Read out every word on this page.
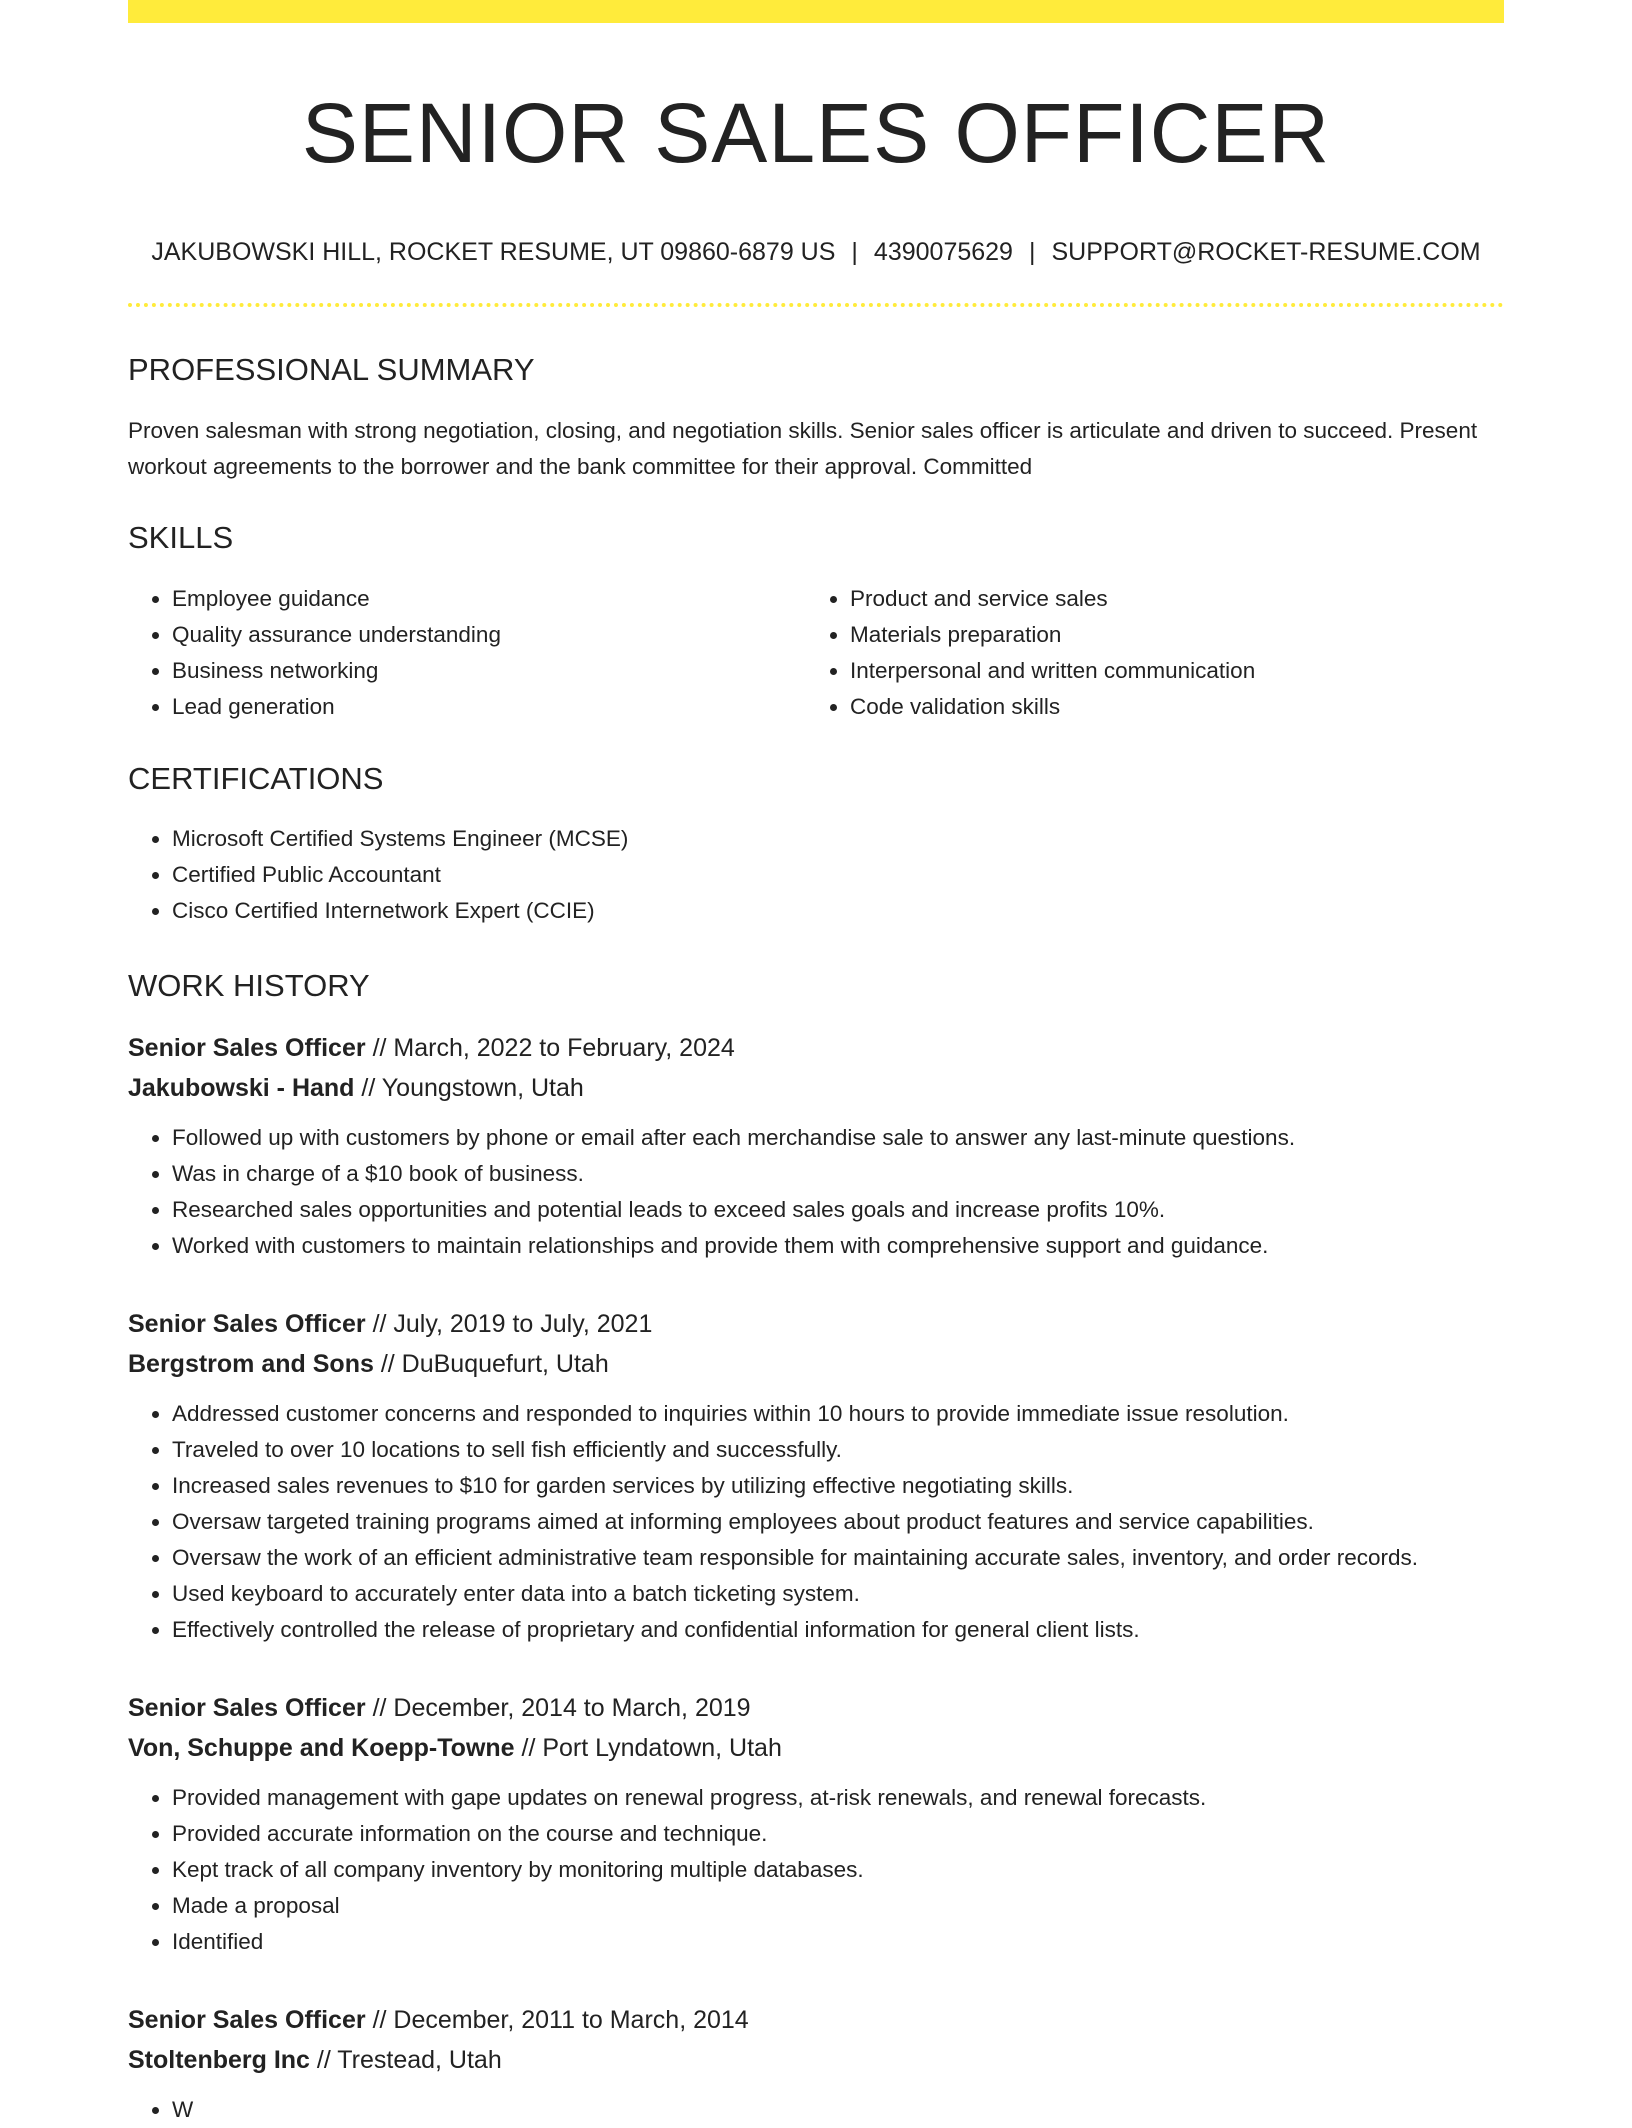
SENIOR SALES OFFICER
JAKUBOWSKI HILL, ROCKET RESUME, UT 09860-6879 US | 4390075629 | SUPPORT@ROCKET-RESUME.COM
PROFESSIONAL SUMMARY
Proven salesman with strong negotiation, closing, and negotiation skills. Senior sales officer is articulate and driven to succeed. Present workout agreements to the borrower and the bank committee for their approval. Committed
SKILLS
• Employee guidance
• Quality assurance understanding
• Business networking
• Lead generation
• Product and service sales
• Materials preparation
• Interpersonal and written communication
• Code validation skills
CERTIFICATIONS
• Microsoft Certified Systems Engineer (MCSE)
• Certified Public Accountant
• Cisco Certified Internetwork Expert (CCIE)
WORK HISTORY
Senior Sales Officer // March, 2022 to February, 2024
Jakubowski - Hand // Youngstown, Utah
• Followed up with customers by phone or email after each merchandise sale to answer any last-minute questions.
• Was in charge of a $10 book of business.
• Researched sales opportunities and potential leads to exceed sales goals and increase profits 10%.
• Worked with customers to maintain relationships and provide them with comprehensive support and guidance.
Senior Sales Officer // July, 2019 to July, 2021
Bergstrom and Sons // DuBuquefurt, Utah
• Addressed customer concerns and responded to inquiries within 10 hours to provide immediate issue resolution.
• Traveled to over 10 locations to sell fish efficiently and successfully.
• Increased sales revenues to $10 for garden services by utilizing effective negotiating skills.
• Oversaw targeted training programs aimed at informing employees about product features and service capabilities.
• Oversaw the work of an efficient administrative team responsible for maintaining accurate sales, inventory, and order records.
• Used keyboard to accurately enter data into a batch ticketing system.
• Effectively controlled the release of proprietary and confidential information for general client lists.
Senior Sales Officer // December, 2014 to March, 2019
Von, Schuppe and Koepp-Towne // Port Lyndatown, Utah
• Provided management with gape updates on renewal progress, at-risk renewals, and renewal forecasts.
• Provided accurate information on the course and technique.
• Kept track of all company inventory by monitoring multiple databases.
• Made a proposal
• Identified
Senior Sales Officer // December, 2011 to March, 2014
Stoltenberg Inc // Trestead, Utah
• W
